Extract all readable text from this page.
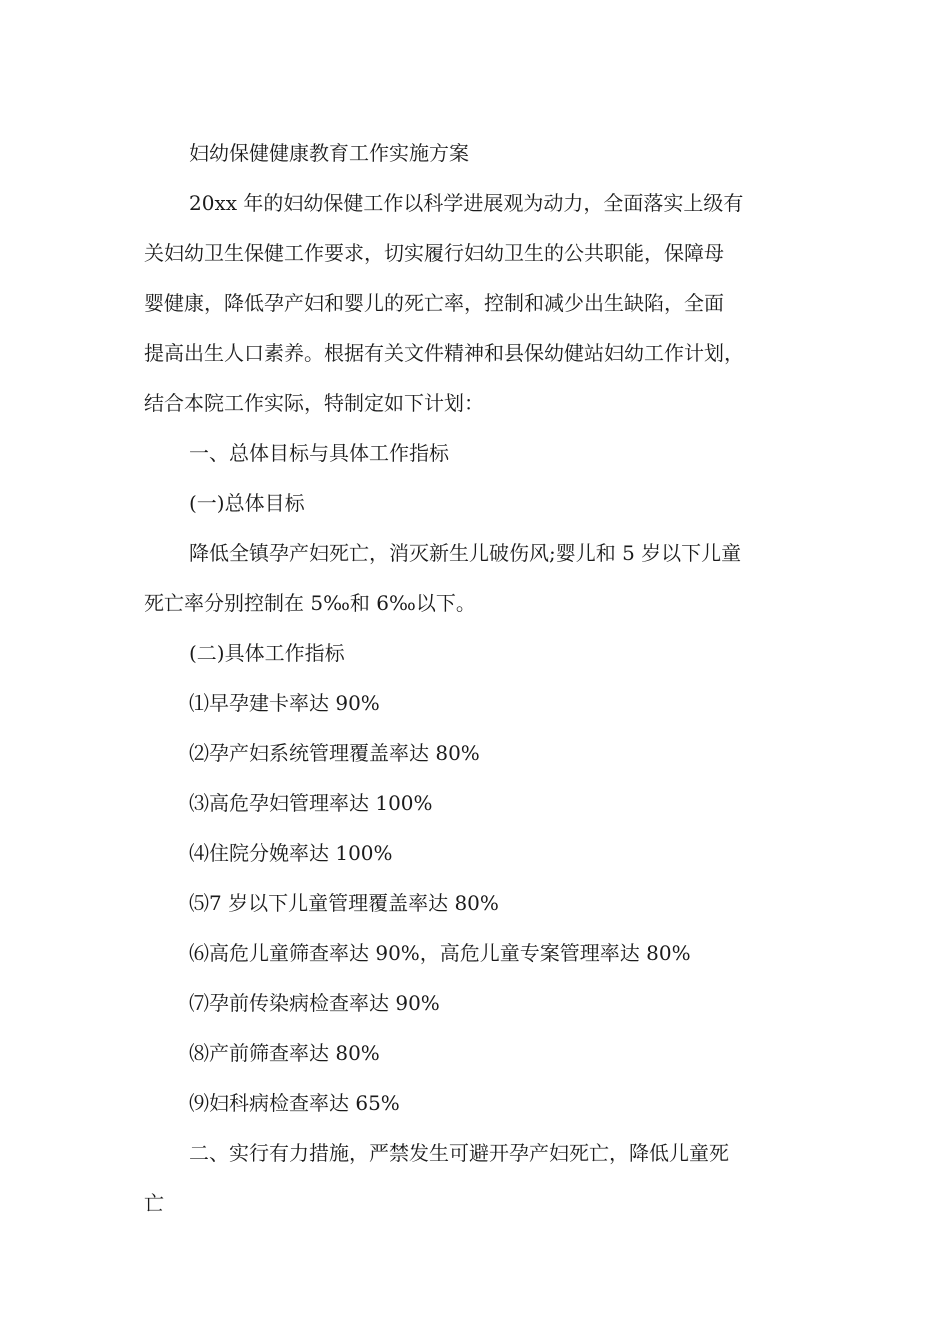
妇幼保健健康教育工作实施方案

20xx 年的妇幼保健工作以科学进展观为动力，全面落实上级有

关妇幼卫生保健工作要求，切实履行妇幼卫生的公共职能，保障母

婴健康，降低孕产妇和婴儿的死亡率，控制和减少出生缺陷，全面

提高出生人口素养。根据有关文件精神和县保幼健站妇幼工作计划，

结合本院工作实际，特制定如下计划：

一、总体目标与具体工作指标

(一)总体目标

降低全镇孕产妇死亡，消灭新生儿破伤风;婴儿和 5 岁以下儿童

死亡率分别控制在 5‰和 6‰以下。

(二)具体工作指标

⑴早孕建卡率达 90%

⑵孕产妇系统管理覆盖率达 80%

⑶高危孕妇管理率达 100%

⑷住院分娩率达 100%

⑸7 岁以下儿童管理覆盖率达 80%

⑹高危儿童筛查率达 90%，高危儿童专案管理率达 80%

⑺孕前传染病检查率达 90%

⑻产前筛查率达 80%

⑼妇科病检查率达 65%

二、实行有力措施，严禁发生可避开孕产妇死亡，降低儿童死

亡
